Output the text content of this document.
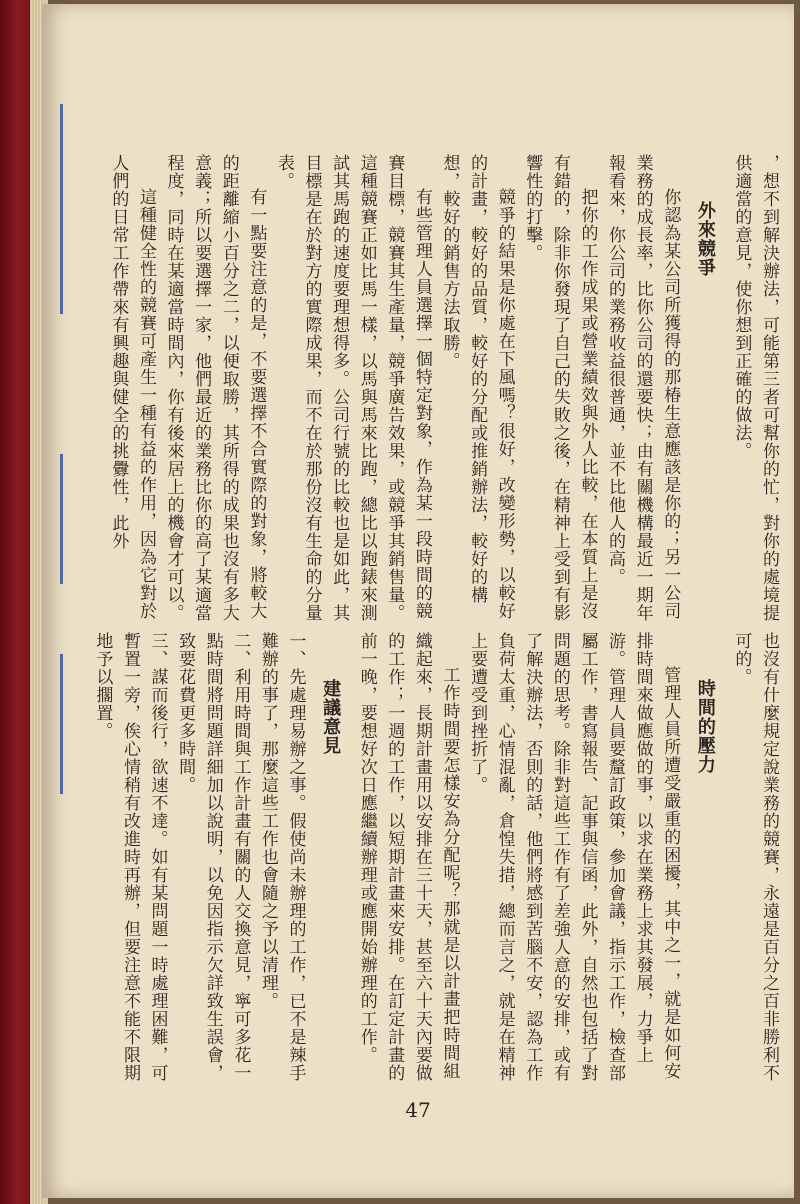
，想不到解決辦法，可能第三者可幫你的忙，對你的處境提供適當的意見，使你想到正確的做法。
外來競爭
你認為某公司所獲得的那椿生意應該是你的；另一公司業務的成長率，比你公司的還要快；由有關機構最近一期年報看來，你公司的業務收益很普通，並不比他人的高。
把你的工作成果或營業績效與外人比較，在本質上是沒有錯的，除非你發現了自己的失敗之後，在精神上受到有影響性的打擊。
競爭的結果是你處在下風嗎？很好，改變形勢，以較好的計畫，較好的品質，較好的分配或推銷辦法，較好的構想，較好的銷售方法取勝。
有些管理人員選擇一個特定對象，作為某一段時間的競賽目標，競賽其生產量，競爭廣告效果，或競爭其銷售量。這種競賽正如比馬一樣，以馬與馬來比跑，總比以跑錶來測試其馬跑的速度要理想得多。公司行號的比較也是如此，其目標是在於對方的實際成果，而不在於那份沒有生命的分量表。
有一點要注意的是，不要選擇不合實際的對象，將較大的距離縮小百分之二，以便取勝，其所得的成果也沒有多大意義；所以要選擇一家，他們最近的業務比你的高了某適當程度，同時在某適當時間內，你有後來居上的機會才可以。
這種健全性的競賽可產生一種有益的作用，因為它對於人們的日常工作帶來有興趣與健全的挑釁性，此外
也沒有什麼規定說業務的競賽，永遠是百分之百非勝利不可的。
時間的壓力
管理人員所遭受嚴重的困擾，其中之一，就是如何安排時間來做應做的事，以求在業務上求其發展，力爭上游。管理人員要釐訂政策，參加會議，指示工作，檢查部屬工作，書寫報告、記事與信函，此外，自然也包括了對問題的思考。除非對這些工作有了差強人意的安排，或有了解決辦法，否則的話，他們將感到苦腦不安，認為工作負荷太重，心情混亂，倉惶失措，總而言之，就是在精神上要遭受到挫折了。
工作時間要怎樣安為分配呢？那就是以計畫把時間組織起來，長期計畫用以安排在三十天，甚至六十天內要做的工作；一週的工作，以短期計畫來安排。在訂定計畫的前一晚，要想好次日應繼續辦理或應開始辦理的工作。
建議意見
一、先處理易辦之事。假使尚未辦理的工作，已不是辣手難辦的事了，那麼這些工作也會隨之予以清理。
二、利用時間與工作計畫有關的人交換意見，寧可多花一點時間將問題詳細加以說明，以免因指示欠詳致生誤會，致要花費更多時間。
三、謀而後行，欲速不達。如有某問題一時處理困難，可暫置一旁，俟心情稍有改進時再辦，但要注意不能不限期地予以擱置。
47
